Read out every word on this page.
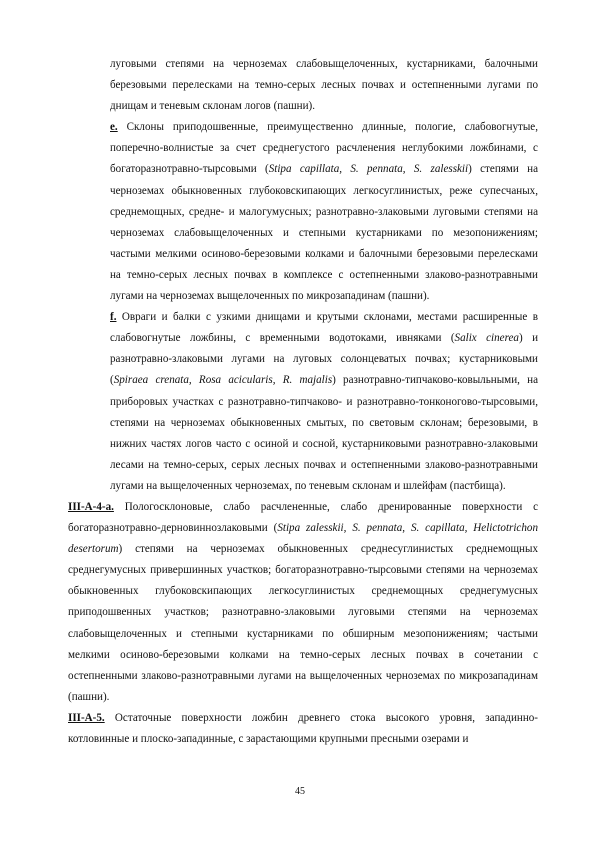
луговыми степями на черноземах слабовыщелоченных, кустарниками, балочными березовыми перелесками на темно-серых лесных почвах и остепненными лугами по днищам и теневым склонам логов (пашни).

е. Склоны приподошвенные, преимущественно длинные, пологие, слабовогнутые, поперечно-волнистые за счет среднегустого расчленения неглубокими ложбинами, с богаторазнотравно-тырсовыми (Stipa capillata, S. pennata, S. zalesskii) степями на черноземах обыкновенных глубоковскипающих легкосуглинистых, реже супесчаных, среднемощных, средне- и малогумусных; разнотравно-злаковыми луговыми степями на черноземах слабовыщелоченных и степными кустарниками по мезопонижениям; частыми мелкими осиново-березовыми колками и балочными березовыми перелесками на темно-серых лесных почвах в комплексе с остепненными злаково-разнотравными лугами на черноземах выщелоченных по микрозападинам (пашни).

f. Овраги и балки с узкими днищами и крутыми склонами, местами расширенные в слабовогнутые ложбины, с временными водотоками, ивняками (Salix cinerea) и разнотравно-злаковыми лугами на луговых солонцеватых почвах; кустарниковыми (Spiraea crenata, Rosa acicularis, R. majalis) разнотравно-типчаково-ковыльными, на приборовых участках с разнотравно-типчаково- и разнотравно-тонконогово-тырсовыми, степями на черноземах обыкновенных смытых, по световым склонам; березовыми, в нижних частях логов часто с осиной и сосной, кустарниковыми разнотравно-злаковыми лесами на темно-серых, серых лесных почвах и остепненными злаково-разнотравными лугами на выщелоченных черноземах, по теневым склонам и шлейфам (пастбища).

III-А-4-а. Пологосклоновые, слабо расчлененные, слабо дренированные поверхности с богаторазнотравно-дерновиннозлаковыми (Stipa zalesskii, S. pennata, S. capillata, Helictotrichon desertorum) степями на черноземах обыкновенных среднесуглинистых среднемощных среднегумусных привершинных участков; богаторазнотравно-тырсовыми степями на черноземах обыкновенных глубоковскипающих легкосуглинистых среднемощных среднегумусных приподошвенных участков; разнотравно-злаковыми луговыми степями на черноземах слабовыщелоченных и степными кустарниками по обширным мезопонижениям; частыми мелкими осиново-березовыми колками на темно-серых лесных почвах в сочетании с остепненными злаково-разнотравными лугами на выщелоченных черноземах по микрозападинам (пашни).

III-А-5. Остаточные поверхности ложбин древнего стока высокого уровня, западинно-котловинные и плоско-западинные, с зарастающими крупными пресными озерами и

45
